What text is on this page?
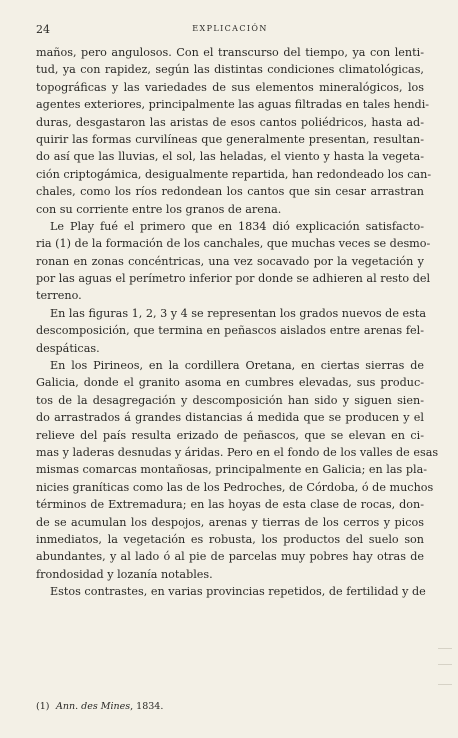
24	EXPLICACIÓN
maños, pero angulosos. Con el transcurso del tiempo, ya con lenti-
tud, ya con rapidez, según las distintas condiciones climatológicas,
topográficas y las variedades de sus elementos mineralógicos, los
agentes exteriores, principalmente las aguas filtradas en tales hendi-
duras, desgastaron las aristas de esos cantos poliédricos, hasta ad-
quirir las formas curvilíneas que generalmente presentan, resultan-
do así que las lluvias, el sol, las heladas, el viento y hasta la vegeta-
ción criptogámica, desigualmente repartida, han redondeado los can-
chales, como los ríos redondean los cantos que sin cesar arrastran
con su corriente entre los granos de arena.
Le Play fué el primero que en 1834 dió explicación satisfacto-
ria (1) de la formación de los canchales, que muchas veces se desmo-
ronan en zonas concéntricas, una vez socavado por la vegetación y
por las aguas el perímetro inferior por donde se adhieren al resto del
terreno.
En las figuras 1, 2, 3 y 4 se representan los grados nuevos de esta
descomposición, que termina en peñascos aislados entre arenas fel-
despáticas.
En los Pirineos, en la cordillera Oretana, en ciertas sierras de
Galicia, donde el granito asoma en cumbres elevadas, sus produc-
tos de la desagregación y descomposición han sido y siguen sien-
do arrastrados á grandes distancias á medida que se producen y el
relieve del país resulta erizado de peñascos, que se elevan en ci-
mas y laderas desnudas y áridas. Pero en el fondo de los valles de esas
mismas comarcas montañosas, principalmente en Galicia; en las pla-
nicies graníticas como las de los Pedroches, de Córdoba, ó de muchos
términos de Extremadura; en las hoyas de esta clase de rocas, don-
de se acumulan los despojos, arenas y tierras de los cerros y picos
inmediatos, la vegetación es robusta, los productos del suelo son
abundantes, y al lado ó al pie de parcelas muy pobres hay otras de
frondosidad y lozanía notables.
Estos contrastes, en varias provincias repetidos, de fertilidad y de
(1) Ann. des Mines, 1834.
